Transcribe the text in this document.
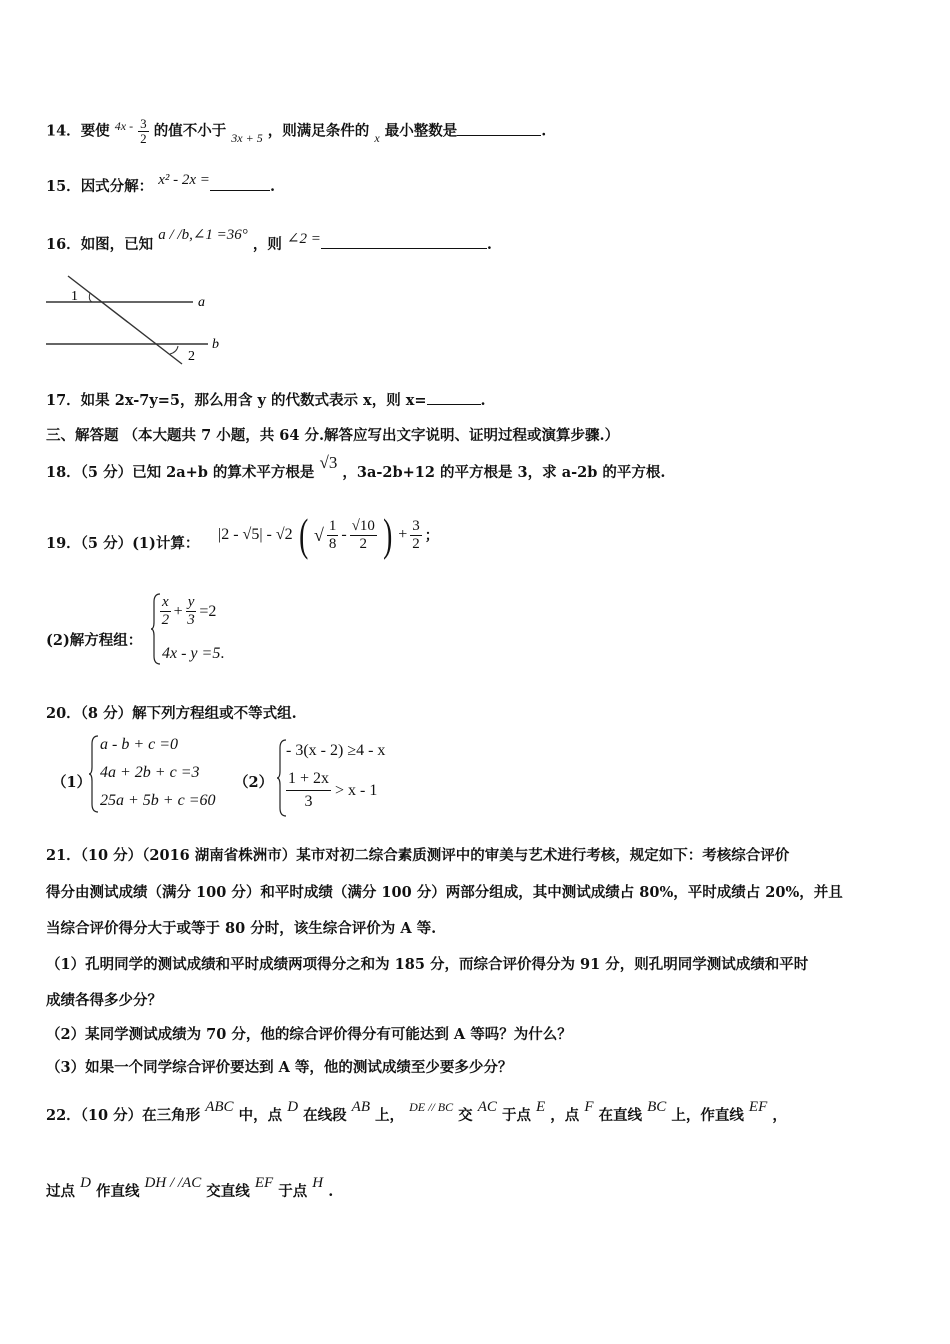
14．要使 $^{4x -} \frac{3}{2}$ 的值不小于 $_{3x + 5}$ ，则满足条件的 $_x$ 最小整数是	.
15．因式分解： x² - 2x =	.
16．如图，已知 a / /b,∠1 =36° ，则 ∠2 =	.
1
2
a
b
17．如果 2x-7y=5，那么用含 y 的代数式表示 x，则 x=	.
三、解答题 （本大题共 7 小题，共 64 分.解答应写出文字说明、证明过程或演算步骤.）
18．（5 分）已知 2a+b 的算术平方根是 √3 ，3a-2b+12 的平方根是 3，求 a-2b 的平方根.
19．（5 分）(1)计算：
|2 - √5| - √2 ( √ $\frac{1}{8} - \frac{√10}{2}$ ) + $\frac{3}{2}$ ；
(2)解方程组：
$\frac{x}{2} + \frac{y}{3} =2$
4x - y =5.
20．（8 分）解下列方程组或不等式组.
（1）
a - b + c =0
4a + 2b + c =3
25a + 5b + c =60
（2）
- 3(x - 2) ≥4 - x
$\frac{1 + 2x}{3} > x - 1$
21．（10 分）（2016 湖南省株洲市）某市对初二综合素质测评中的审美与艺术进行考核，规定如下：考核综合评价
得分由测试成绩（满分 100 分）和平时成绩（满分 100 分）两部分组成，其中测试成绩占 80%，平时成绩占 20%，并且
当综合评价得分大于或等于 80 分时，该生综合评价为 A 等.
（1）孔明同学的测试成绩和平时成绩两项得分之和为 185 分，而综合评价得分为 91 分，则孔明同学测试成绩和平时
成绩各得多少分？
（2）某同学测试成绩为 70 分，他的综合评价得分有可能达到 A 等吗？为什么？
（3）如果一个同学综合评价要达到 A 等，他的测试成绩至少要多少分？
22．（10 分）在三角形 ABC 中，点 D 在线段 AB 上， $^{DE // BC}$ 交 AC 于点 E ，点 F 在直线 BC 上，作直线 EF ，
过点 D 作直线 DH / /AC 交直线 EF 于点 H .
